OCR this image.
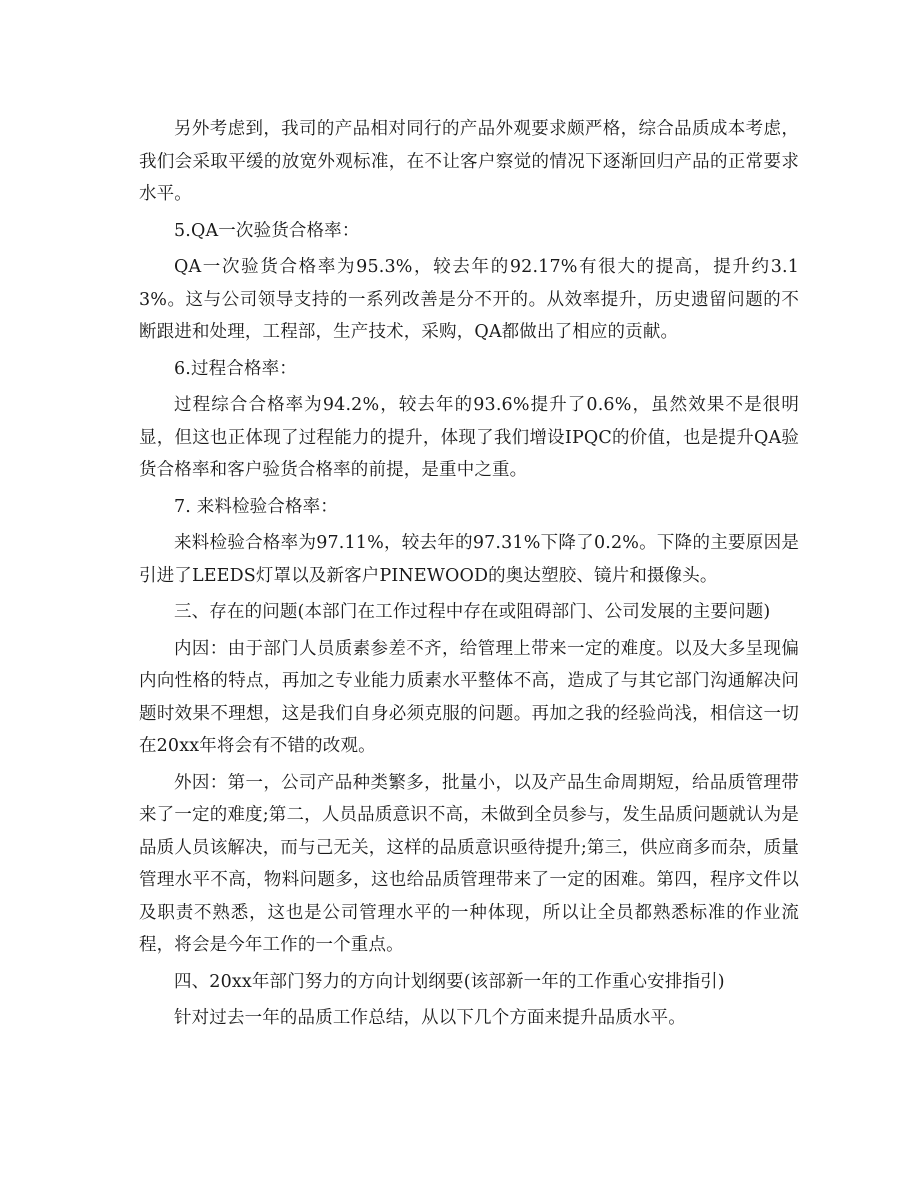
另外考虑到，我司的产品相对同行的产品外观要求颇严格，综合品质成本考虑，我们会采取平缓的放宽外观标准，在不让客户察觉的情况下逐渐回归产品的正常要求水平。

5.QA一次验货合格率：

QA一次验货合格率为95.3%，较去年的92.17%有很大的提高，提升约3.13%。这与公司领导支持的一系列改善是分不开的。从效率提升，历史遗留问题的不断跟进和处理，工程部，生产技术，采购，QA都做出了相应的贡献。

6.过程合格率：

过程综合合格率为94.2%，较去年的93.6%提升了0.6%，虽然效果不是很明显，但这也正体现了过程能力的提升，体现了我们增设IPQC的价值，也是提升QA验货合格率和客户验货合格率的前提，是重中之重。

7. 来料检验合格率：

来料检验合格率为97.11%，较去年的97.31%下降了0.2%。下降的主要原因是引进了LEEDS灯罩以及新客户PINEWOOD的奥达塑胶、镜片和摄像头。

三、存在的问题(本部门在工作过程中存在或阻碍部门、公司发展的主要问题)

内因：由于部门人员质素参差不齐，给管理上带来一定的难度。以及大多呈现偏内向性格的特点，再加之专业能力质素水平整体不高，造成了与其它部门沟通解决问题时效果不理想，这是我们自身必须克服的问题。再加之我的经验尚浅，相信这一切在20xx年将会有不错的改观。

外因：第一，公司产品种类繁多，批量小，以及产品生命周期短，给品质管理带来了一定的难度;第二，人员品质意识不高，未做到全员参与，发生品质问题就认为是品质人员该解决，而与己无关，这样的品质意识亟待提升;第三，供应商多而杂，质量管理水平不高，物料问题多，这也给品质管理带来了一定的困难。第四，程序文件以及职责不熟悉，这也是公司管理水平的一种体现，所以让全员都熟悉标准的作业流程，将会是今年工作的一个重点。

四、20xx年部门努力的方向计划纲要(该部新一年的工作重心安排指引)

针对过去一年的品质工作总结，从以下几个方面来提升品质水平。
